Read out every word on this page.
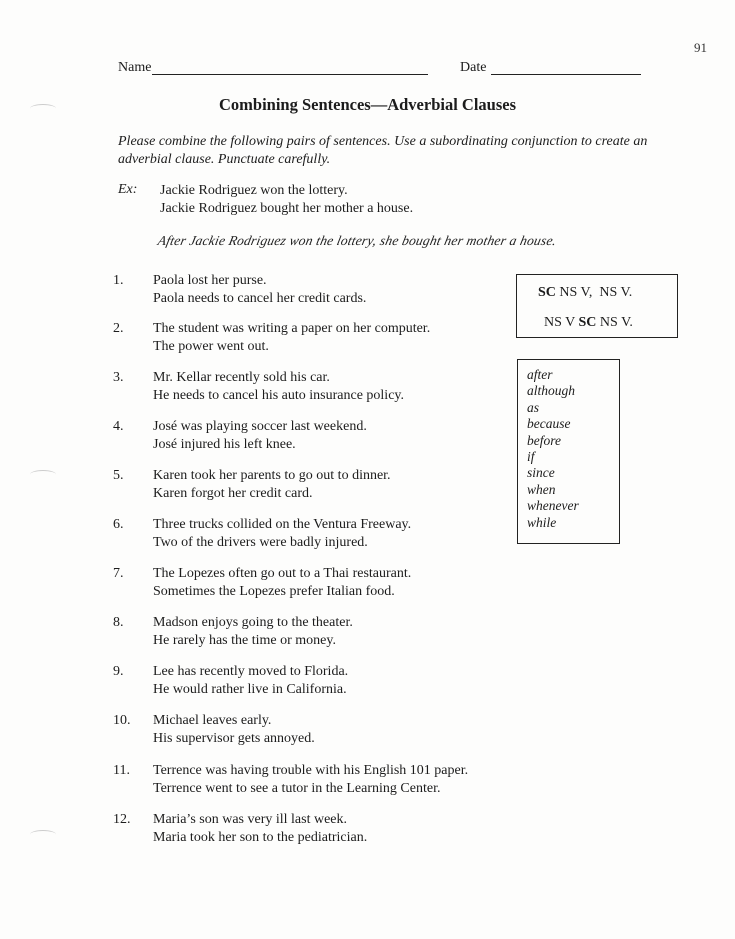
91
Name	Date
Combining Sentences—Adverbial Clauses
Please combine the following pairs of sentences. Use a subordinating conjunction to create an adverbial clause. Punctuate carefully.
Ex: Jackie Rodriguez won the lottery.
Jackie Rodriguez bought her mother a house.
After Jackie Rodriguez won the lottery, she bought her mother a house.
1.	Paola lost her purse.
Paola needs to cancel her credit cards.
2.	The student was writing a paper on her computer.
The power went out.
3.	Mr. Kellar recently sold his car.
He needs to cancel his auto insurance policy.
4.	José was playing soccer last weekend.
José injured his left knee.
5.	Karen took her parents to go out to dinner.
Karen forgot her credit card.
6.	Three trucks collided on the Ventura Freeway.
Two of the drivers were badly injured.
7.	The Lopezes often go out to a Thai restaurant.
Sometimes the Lopezes prefer Italian food.
8.	Madson enjoys going to the theater.
He rarely has the time or money.
9.	Lee has recently moved to Florida.
He would rather live in California.
10.	Michael leaves early.
His supervisor gets annoyed.
11.	Terrence was having trouble with his English 101 paper.
Terrence went to see a tutor in the Learning Center.
12.	Maria’s son was very ill last week.
Maria took her son to the pediatrician.
SC NS V,  NS V.
NS V SC NS V.
after
although
as
because
before
if
since
when
whenever
while
